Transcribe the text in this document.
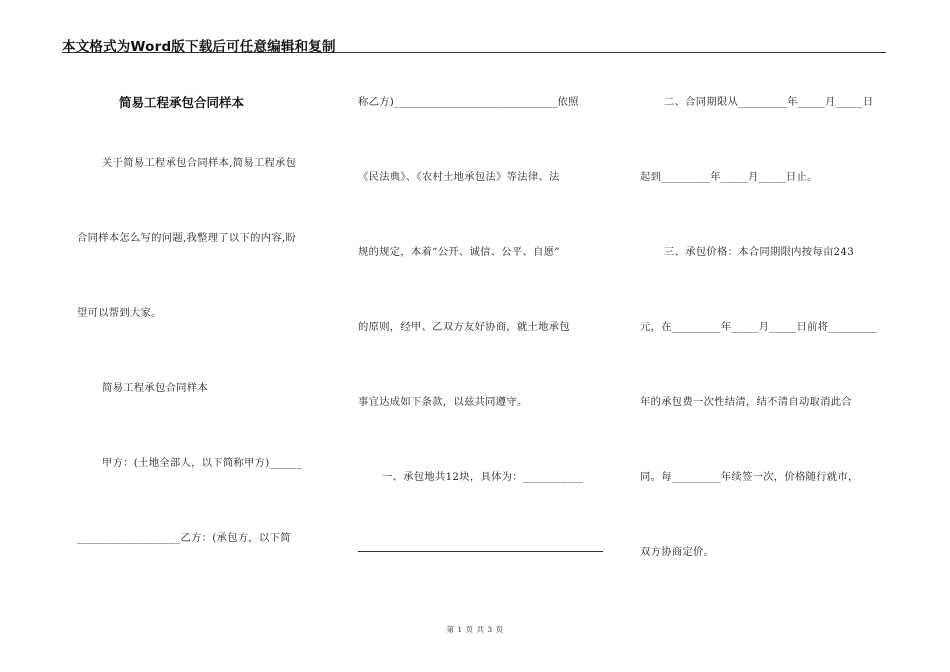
本文格式为Word版下载后可任意编辑和复制
简易工程承包合同样本
关于简易工程承包合同样本,简易工程承包
合同样本怎么写的问题,我整理了以下的内容,盼
望可以帮到大家。
简易工程承包合同样本
甲方：(土地全部人，以下简称甲方)______
___________________乙方：(承包方，以下简
称乙方)______________________________依照
《民法典》、《农村土地承包法》等法律、法
规的规定，本着“公开、诚信、公平、自愿”
的原则，经甲、乙双方友好协商，就土地承包
事宜达成如下条款，以兹共同遵守。
一、承包地共12块，具体为：___________
二、合同期限从_________年_____月_____日
起到_________年_____月_____日止。
三、承包价格：本合同期限内按每亩243
元，在_________年_____月_____日前将_________
年的承包费一次性结清，结不清自动取消此合
同。每_________年续签一次，价格随行就市，
双方协商定价。
第 1 页 共 3 页
